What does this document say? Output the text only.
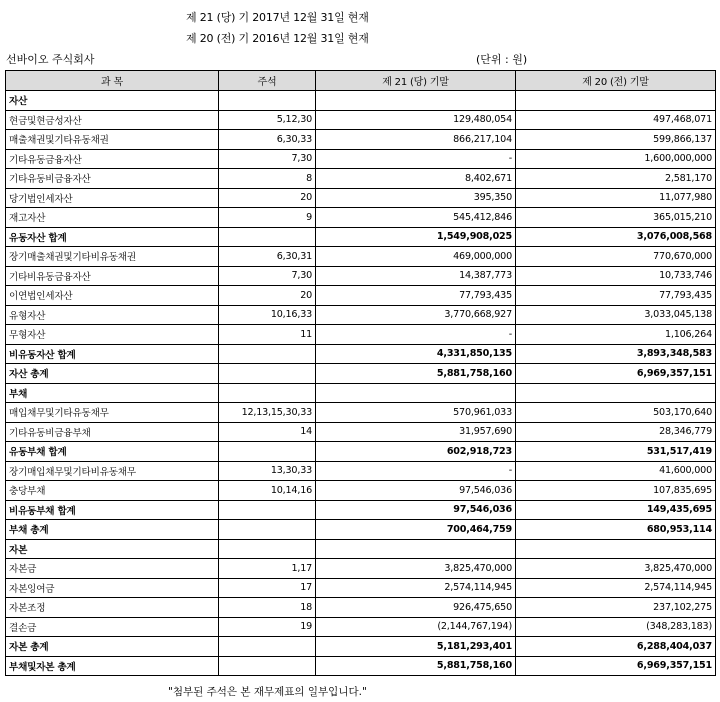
제 21 (당) 기 2017년 12월 31일 현재
제 20 (전) 기 2016년 12월 31일 현재
선바이오 주식회사	(단위 : 원)
과 목	주석	제 21 (당) 기말	제 20 (전) 기말
자산			
현금및현금성자산	5,12,30	129,480,054	497,468,071
매출채권및기타유동채권	6,30,33	866,217,104	599,866,137
기타유동금융자산	7,30	-	1,600,000,000
기타유동비금융자산	8	8,402,671	2,581,170
당기법인세자산	20	395,350	11,077,980
재고자산	9	545,412,846	365,015,210
유동자산 합계		1,549,908,025	3,076,008,568
장기매출채권및기타비유동채권	6,30,31	469,000,000	770,670,000
기타비유동금융자산	7,30	14,387,773	10,733,746
이연법인세자산	20	77,793,435	77,793,435
유형자산	10,16,33	3,770,668,927	3,033,045,138
무형자산	11	-	1,106,264
비유동자산 합계		4,331,850,135	3,893,348,583
자산 총계		5,881,758,160	6,969,357,151
부채			
매입채무및기타유동채무	12,13,15,30,33	570,961,033	503,170,640
기타유동비금융부채	14	31,957,690	28,346,779
유동부채 합계		602,918,723	531,517,419
장기매입채무및기타비유동채무	13,30,33	-	41,600,000
충당부채	10,14,16	97,546,036	107,835,695
비유동부채 합계		97,546,036	149,435,695
부채 총계		700,464,759	680,953,114
자본			
자본금	1,17	3,825,470,000	3,825,470,000
자본잉여금	17	2,574,114,945	2,574,114,945
자본조정	18	926,475,650	237,102,275
결손금	19	(2,144,767,194)	(348,283,183)
자본 총계		5,181,293,401	6,288,404,037
부채및자본 총계		5,881,758,160	6,969,357,151
"첨부된 주석은 본 재무제표의 일부입니다."
